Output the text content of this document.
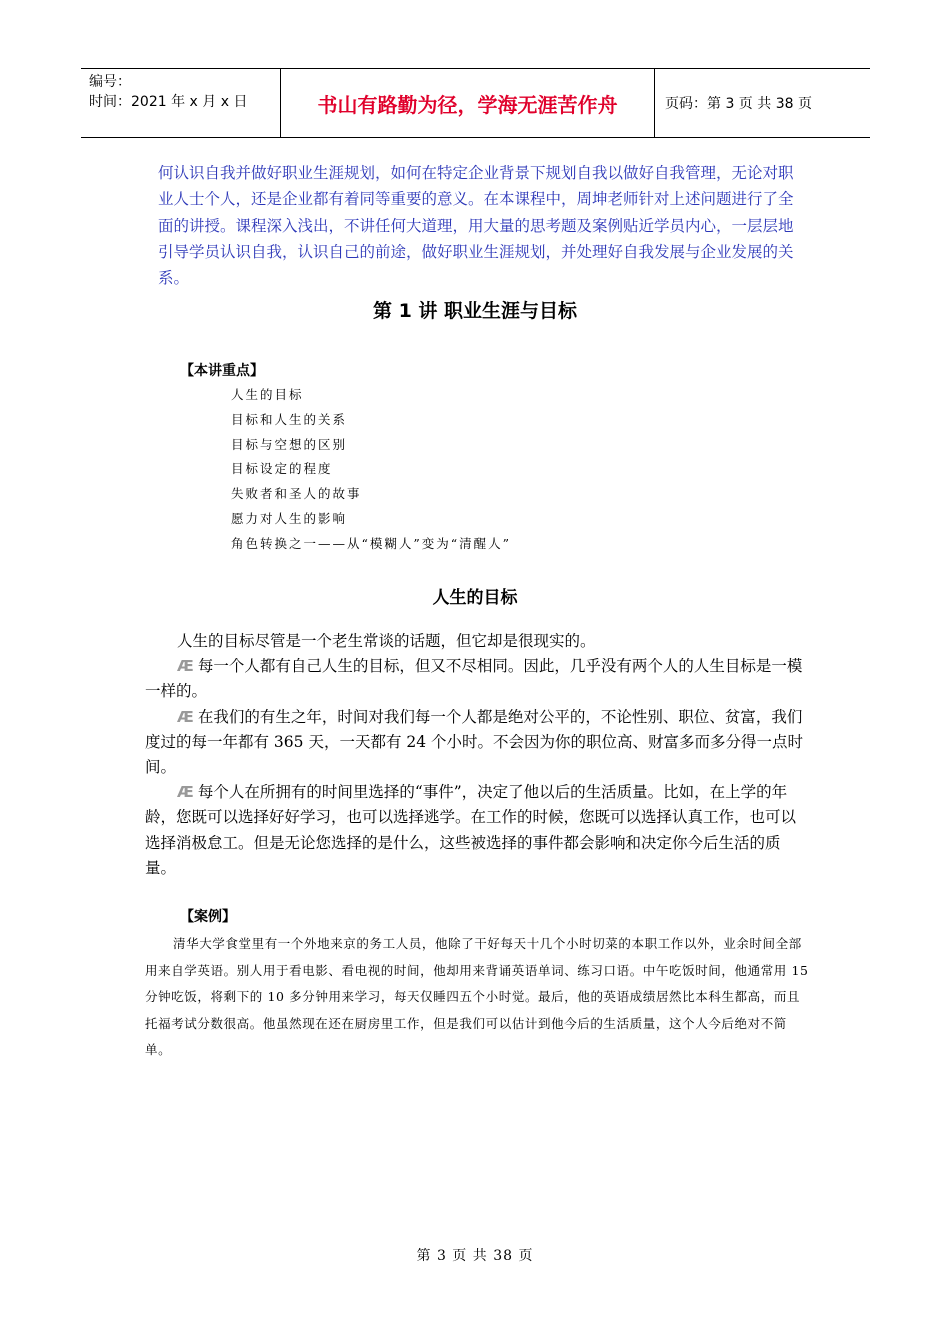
编号：
时间：2021 年 x 月 x 日	书山有路勤为径，学海无涯苦作舟	页码：第 3 页 共 38 页

何认识自我并做好职业生涯规划，如何在特定企业背景下规划自我以做好自我管理，无论对职业人士个人，还是企业都有着同等重要的意义。在本课程中，周坤老师针对上述问题进行了全面的讲授。课程深入浅出，不讲任何大道理，用大量的思考题及案例贴近学员内心，一层层地引导学员认识自我，认识自己的前途，做好职业生涯规划，并处理好自我发展与企业发展的关系。

第 1 讲 职业生涯与目标
【本讲重点】
人生的目标
目标和人生的关系
目标与空想的区别
目标设定的程度
失败者和圣人的故事
愿力对人生的影响
角色转换之一——从“模糊人”变为“清醒人”
人生的目标

人生的目标尽管是一个老生常谈的话题，但它却是很现实的。

Æ 每一个人都有自己人生的目标，但又不尽相同。因此，几乎没有两个人的人生目标是一模一样的。

Æ 在我们的有生之年，时间对我们每一个人都是绝对公平的，不论性别、职位、贫富，我们度过的每一年都有 365 天，一天都有 24 个小时。不会因为你的职位高、财富多而多分得一点时间。

Æ 每个人在所拥有的时间里选择的“事件”，决定了他以后的生活质量。比如，在上学的年龄，您既可以选择好好学习，也可以选择逃学。在工作的时候，您既可以选择认真工作，也可以选择消极怠工。但是无论您选择的是什么，这些被选择的事件都会影响和决定你今后生活的质量。

【案例】

清华大学食堂里有一个外地来京的务工人员，他除了干好每天十几个小时切菜的本职工作以外，业余时间全部用来自学英语。别人用于看电影、看电视的时间，他却用来背诵英语单词、练习口语。中午吃饭时间，他通常用 15 分钟吃饭，将剩下的 10 多分钟用来学习，每天仅睡四五个小时觉。最后，他的英语成绩居然比本科生都高，而且托福考试分数很高。他虽然现在还在厨房里工作，但是我们可以估计到他今后的生活质量，这个人今后绝对不简单。

第 3 页 共 38 页
